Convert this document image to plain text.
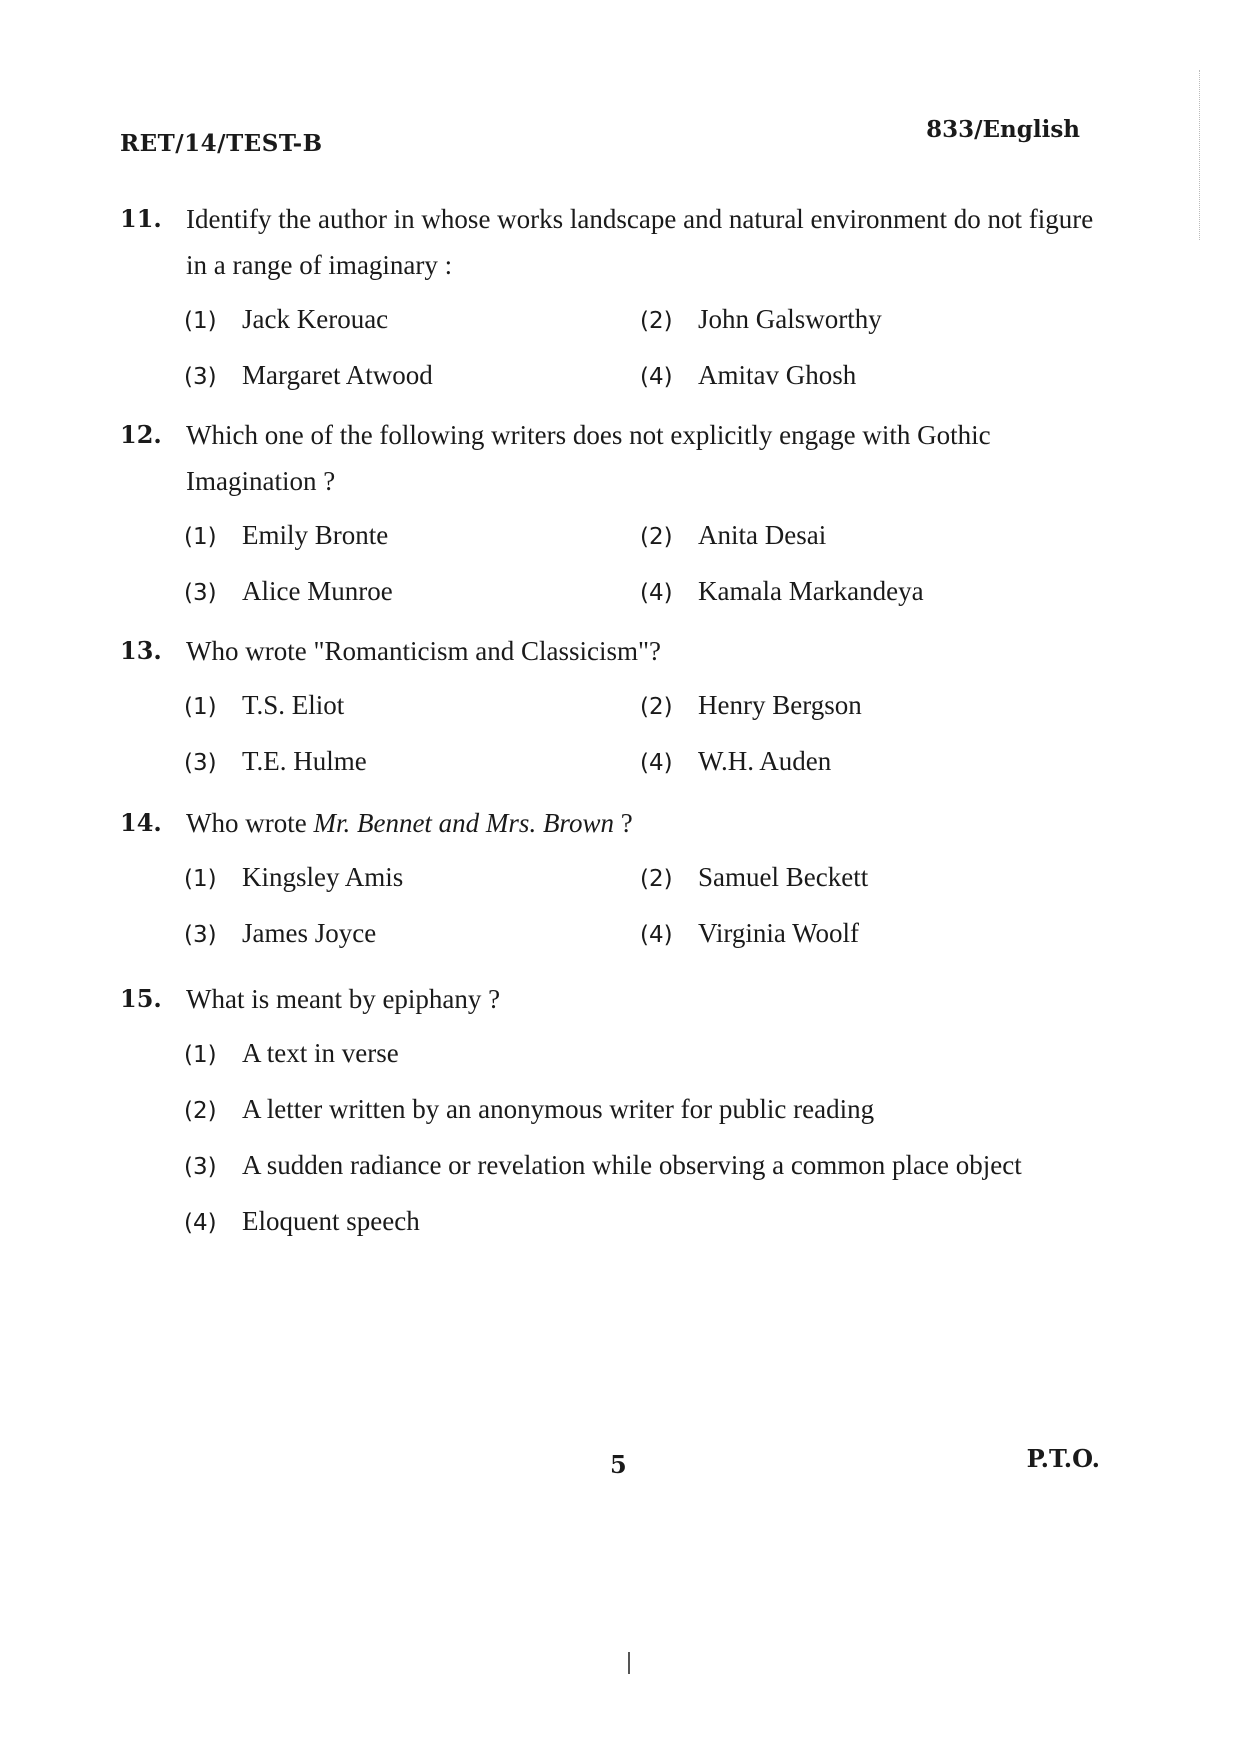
RET/14/TEST-B
833/English
11. Identify the author in whose works landscape and natural environment do not figure in a range of imaginary :
(1) Jack Kerouac	(2) John Galsworthy
(3) Margaret Atwood	(4) Amitav Ghosh
12. Which one of the following writers does not explicitly engage with Gothic Imagination ?
(1) Emily Bronte	(2) Anita Desai
(3) Alice Munroe	(4) Kamala Markandeya
13. Who wrote "Romanticism and Classicism"?
(1) T.S. Eliot	(2) Henry Bergson
(3) T.E. Hulme	(4) W.H. Auden
14. Who wrote Mr. Bennet and Mrs. Brown ?
(1) Kingsley Amis	(2) Samuel Beckett
(3) James Joyce	(4) Virginia Woolf
15. What is meant by epiphany ?
(1) A text in verse
(2) A letter written by an anonymous writer for public reading
(3) A sudden radiance or revelation while observing a common place object
(4) Eloquent speech
5	P.T.O.
